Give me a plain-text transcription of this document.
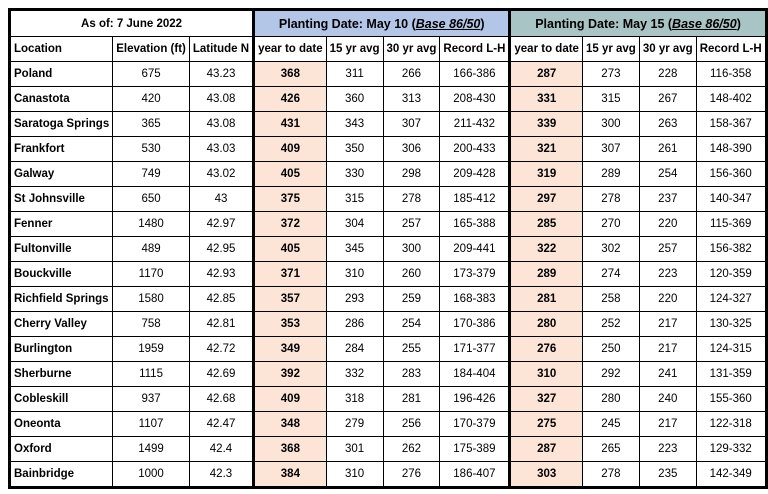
As of: 7 June 2022			Planting Date: May 10 (Base 86/50)				Planting Date: May 15 (Base 86/50)			
Location	Elevation (ft)	Latitude N	year to date	15 yr avg	30 yr avg	Record L-H	year to date	15 yr avg	30 yr avg	Record L-H
Poland	675	43.23	368	311	266	166-386	287	273	228	116-358
Canastota	420	43.08	426	360	313	208-430	331	315	267	148-402
Saratoga Springs	365	43.08	431	343	307	211-432	339	300	263	158-367
Frankfort	530	43.03	409	350	306	200-433	321	307	261	148-390
Galway	749	43.02	405	330	298	209-428	319	289	254	156-360
St Johnsville	650	43	375	315	278	185-412	297	278	237	140-347
Fenner	1480	42.97	372	304	257	165-388	285	270	220	115-369
Fultonville	489	42.95	405	345	300	209-441	322	302	257	156-382
Bouckville	1170	42.93	371	310	260	173-379	289	274	223	120-359
Richfield Springs	1580	42.85	357	293	259	168-383	281	258	220	124-327
Cherry Valley	758	42.81	353	286	254	170-386	280	252	217	130-325
Burlington	1959	42.72	349	284	255	171-377	276	250	217	124-315
Sherburne	1115	42.69	392	332	283	184-404	310	292	241	131-359
Cobleskill	937	42.68	409	318	281	196-426	327	280	240	155-360
Oneonta	1107	42.47	348	279	256	170-379	275	245	217	122-318
Oxford	1499	42.4	368	301	262	175-389	287	265	223	129-332
Bainbridge	1000	42.3	384	310	276	186-407	303	278	235	142-349
